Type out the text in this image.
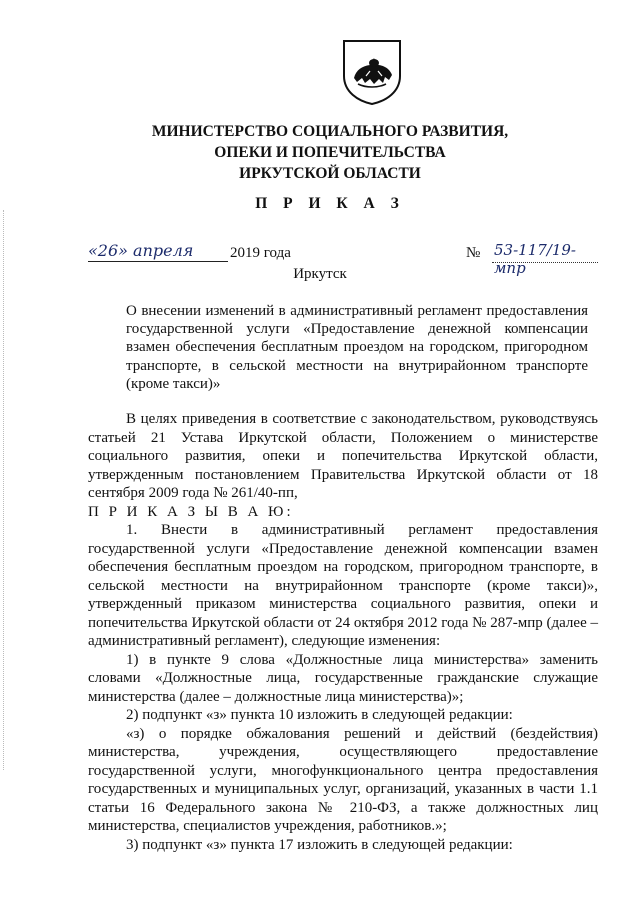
МИНИСТЕРСТВО СОЦИАЛЬНОГО РАЗВИТИЯ,
ОПЕКИ И ПОПЕЧИТЕЛЬСТВА
ИРКУТСКОЙ ОБЛАСТИ
П Р И К А З
«26» апреля 2019 года	№ 53-117/19-мпр
Иркутск
О внесении изменений в административный регламент предоставления государственной услуги «Предоставление денежной компенсации взамен обеспечения бесплатным проездом на городском, пригородном транспорте, в сельской местности на внутрирайонном транспорте (кроме такси)»

В целях приведения в соответствие с законодательством, руководствуясь статьей 21 Устава Иркутской области, Положением о министерстве социального развития, опеки и попечительства Иркутской области, утвержденным постановлением Правительства Иркутской области от 18 сентября 2009 года № 261/40-пп,

П Р И К А З Ы В А Ю:

1. Внести в административный регламент предоставления государственной услуги «Предоставление денежной компенсации взамен обеспечения бесплатным проездом на городском, пригородном транспорте, в сельской местности на внутрирайонном транспорте (кроме такси)», утвержденный приказом министерства социального развития, опеки и попечительства Иркутской области от 24 октября 2012 года № 287-мпр (далее – административный регламент), следующие изменения:

1) в пункте 9 слова «Должностные лица министерства» заменить словами «Должностные лица, государственные гражданские служащие министерства (далее – должностные лица министерства)»;

2) подпункт «з» пункта 10 изложить в следующей редакции:

«з) о порядке обжалования решений и действий (бездействия) министерства, учреждения, осуществляющего предоставление государственной услуги, многофункционального центра предоставления государственных и муниципальных услуг, организаций, указанных в части 1.1 статьи 16 Федерального закона № 210-ФЗ, а также должностных лиц министерства, специалистов учреждения, работников.»;

3) подпункт «з» пункта 17 изложить в следующей редакции:
